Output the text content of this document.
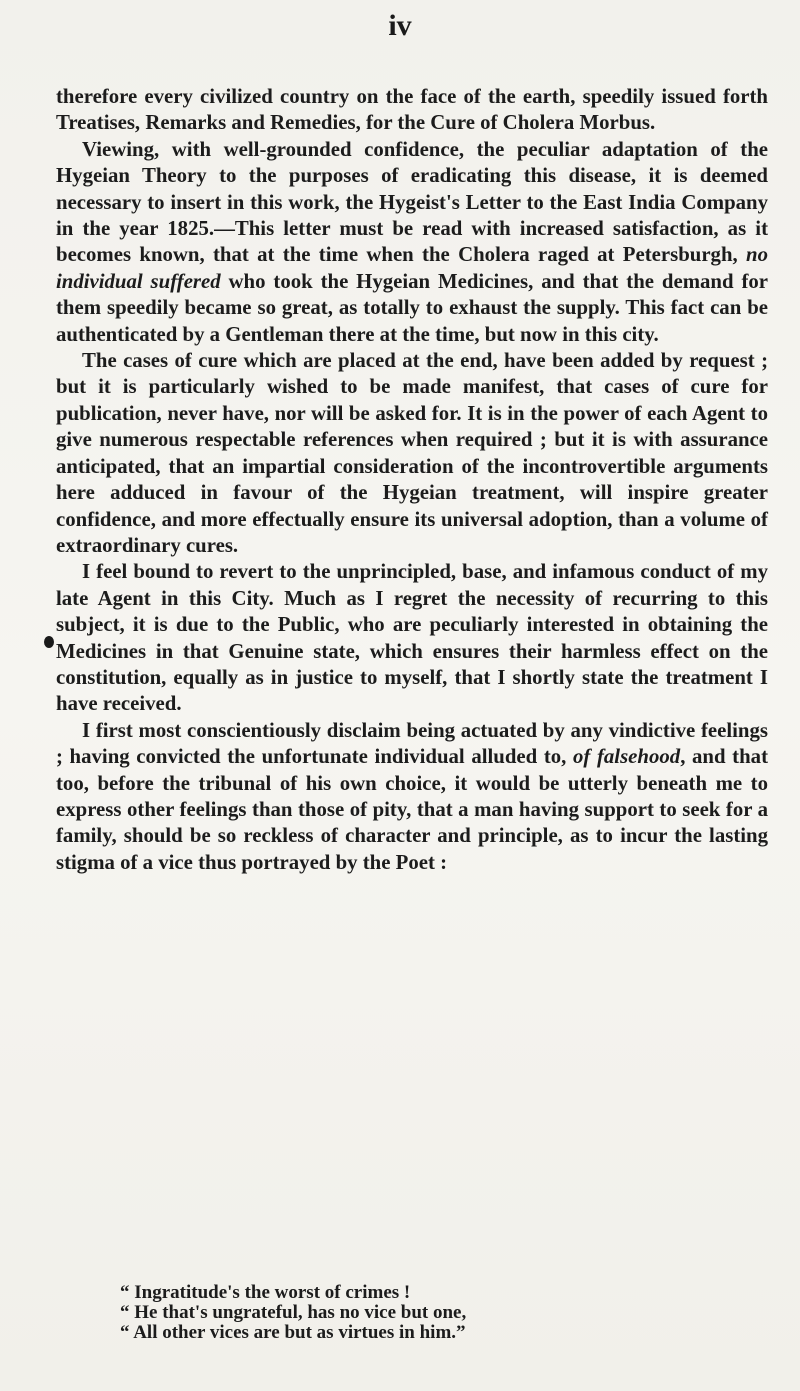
iv

therefore every civilized country on the face of the earth, speedily issued forth Treatises, Remarks and Remedies, for the Cure of Cholera Morbus.

Viewing, with well-grounded confidence, the peculiar adaptation of the Hygeian Theory to the purposes of eradicating this disease, it is deemed necessary to insert in this work, the Hygeist's Letter to the East India Company in the year 1825.—This letter must be read with increased satisfaction, as it becomes known, that at the time when the Cholera raged at Petersburgh, no individual suffered who took the Hygeian Medicines, and that the demand for them speedily became so great, as totally to exhaust the supply. This fact can be authenticated by a Gentleman there at the time, but now in this city.

The cases of cure which are placed at the end, have been added by request ; but it is particularly wished to be made manifest, that cases of cure for publication, never have, nor will be asked for. It is in the power of each Agent to give numerous respectable references when required ; but it is with assurance anticipated, that an impartial consideration of the incontrovertible arguments here adduced in favour of the Hygeian treatment, will inspire greater confidence, and more effectually ensure its universal adoption, than a volume of extraordinary cures.

I feel bound to revert to the unprincipled, base, and infamous conduct of my late Agent in this City. Much as I regret the necessity of recurring to this subject, it is due to the Public, who are peculiarly interested in obtaining the Medicines in that Genuine state, which ensures their harmless effect on the constitution, equally as in justice to myself, that I shortly state the treatment I have received.

I first most conscientiously disclaim being actuated by any vindictive feelings ; having convicted the unfortunate individual alluded to, of falsehood, and that too, before the tribunal of his own choice, it would be utterly beneath me to express other feelings than those of pity, that a man having support to seek for a family, should be so reckless of character and principle, as to incur the lasting stigma of a vice thus portrayed by the Poet :

“ Ingratitude's the worst of crimes !
“ He that's ungrateful, has no vice but one,
“ All other vices are but as virtues in him.”
